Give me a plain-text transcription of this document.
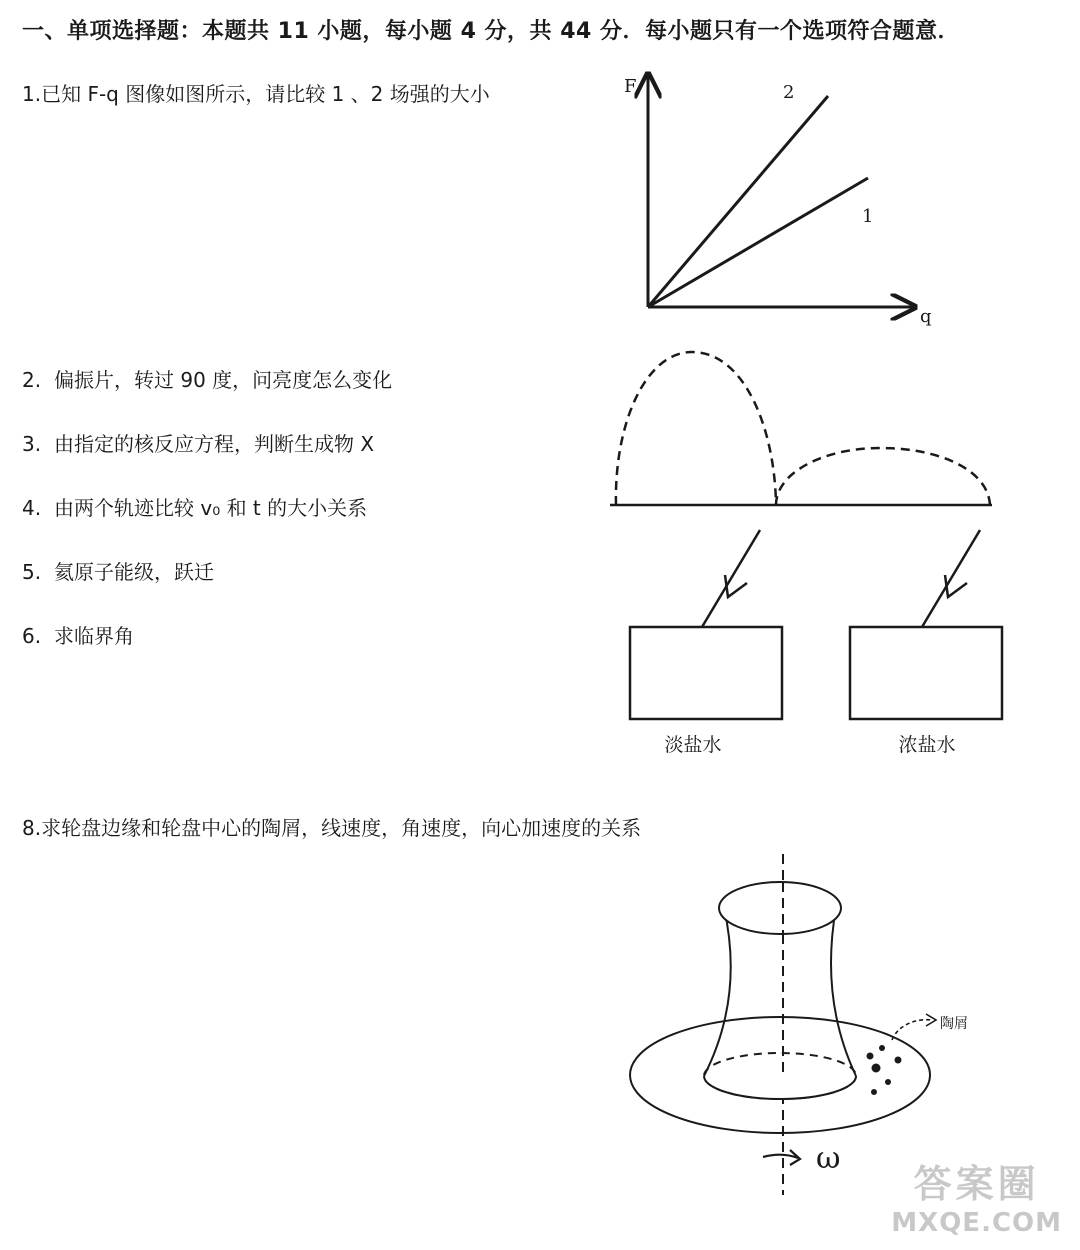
一、单项选择题：本题共 11 小题，每小题 4 分，共 44 分．每小题只有一个选项符合题意．
1.已知 F-q 图像如图所示，请比较 1 、2 场强的大小
2. 偏振片，转过 90 度，问亮度怎么变化
3. 由指定的核反应方程，判断生成物 X
4. 由两个轨迹比较 v₀ 和 t 的大小关系
5. 氦原子能级，跃迁
6. 求临界角
8.求轮盘边缘和轮盘中心的陶屑，线速度，角速度，向心加速度的关系
F
q
2
1
淡盐水	浓盐水
陶屑
ω
答案圈
MXQE.COM
